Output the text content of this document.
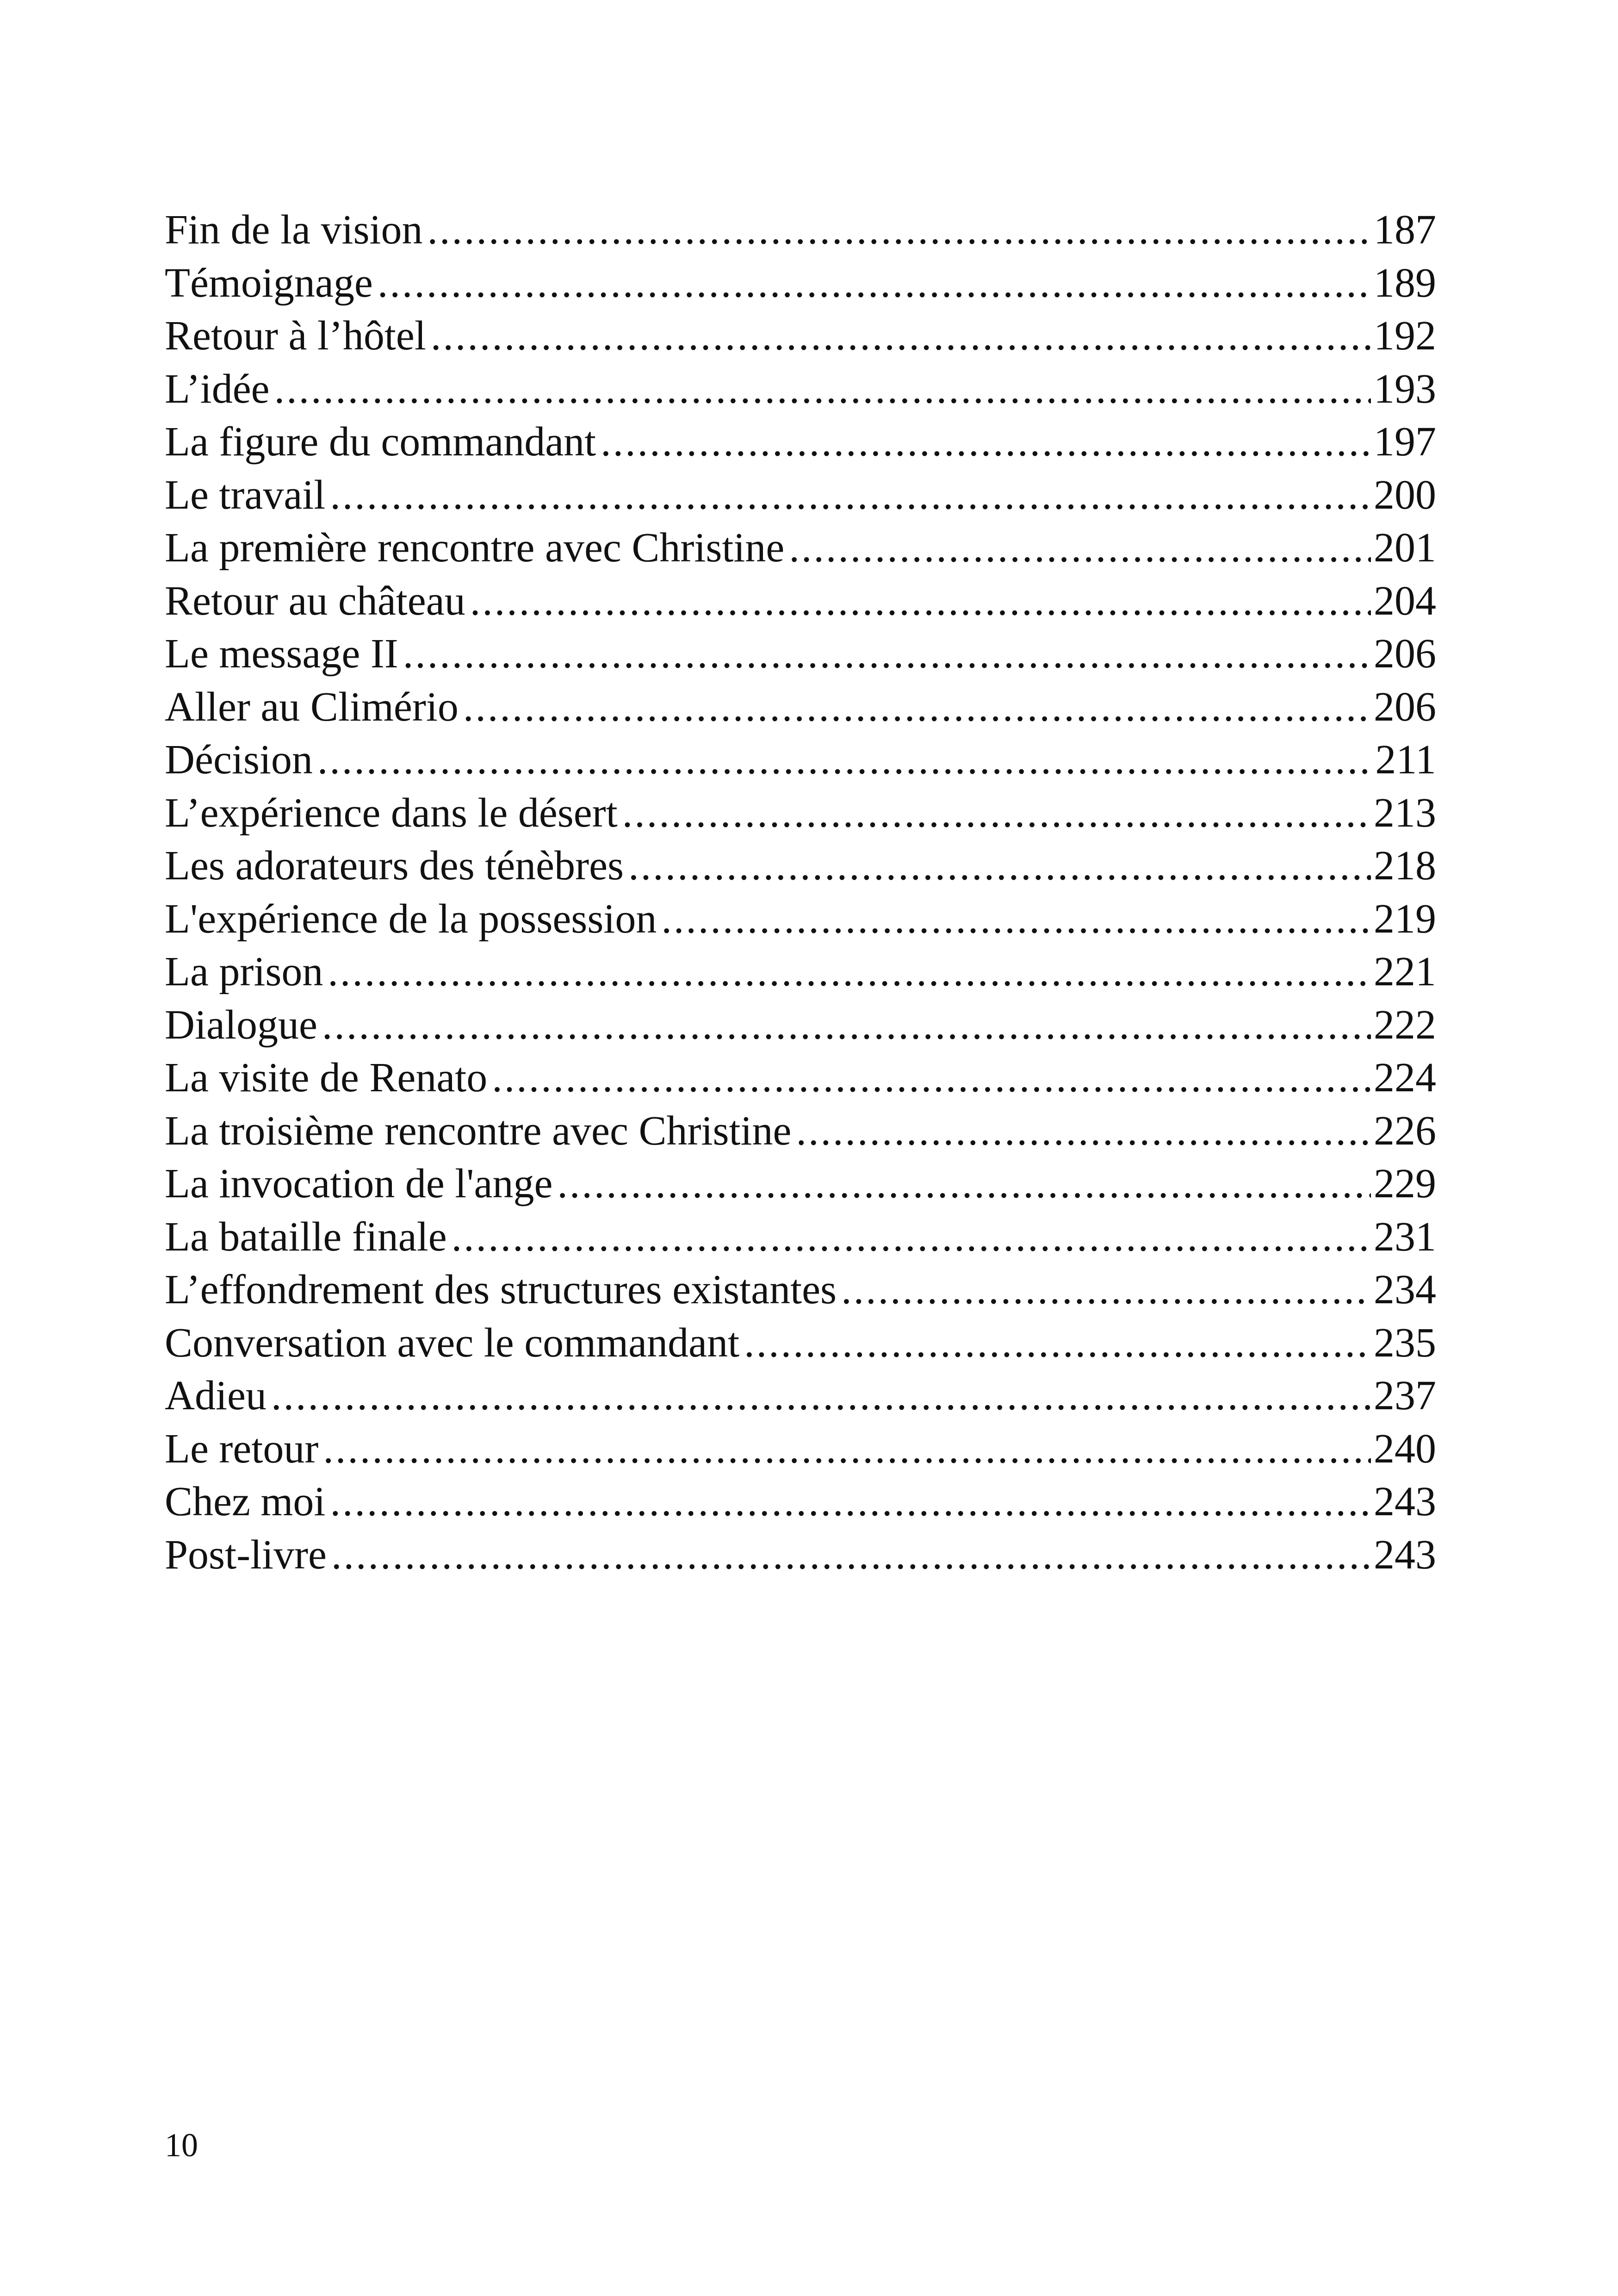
Fin de la vision .....	187
Témoignage .....	189
Retour à l’hôtel .....	192
L’idée .....	193
La figure du commandant .....	197
Le travail .....	200
La première rencontre avec Christine .....	201
Retour au château .....	204
Le message II .....	206
Aller au Climério .....	206
Décision .....	211
L’expérience dans le désert .....	213
Les adorateurs des ténèbres .....	218
L'expérience de la possession .....	219
La prison .....	221
Dialogue .....	222
La visite de Renato .....	224
La troisième rencontre avec Christine .....	226
La invocation de l'ange .....	229
La bataille finale .....	231
L’effondrement des structures existantes .....	234
Conversation avec le commandant .....	235
Adieu .....	237
Le retour .....	240
Chez moi .....	243
Post-livre .....	243
10
